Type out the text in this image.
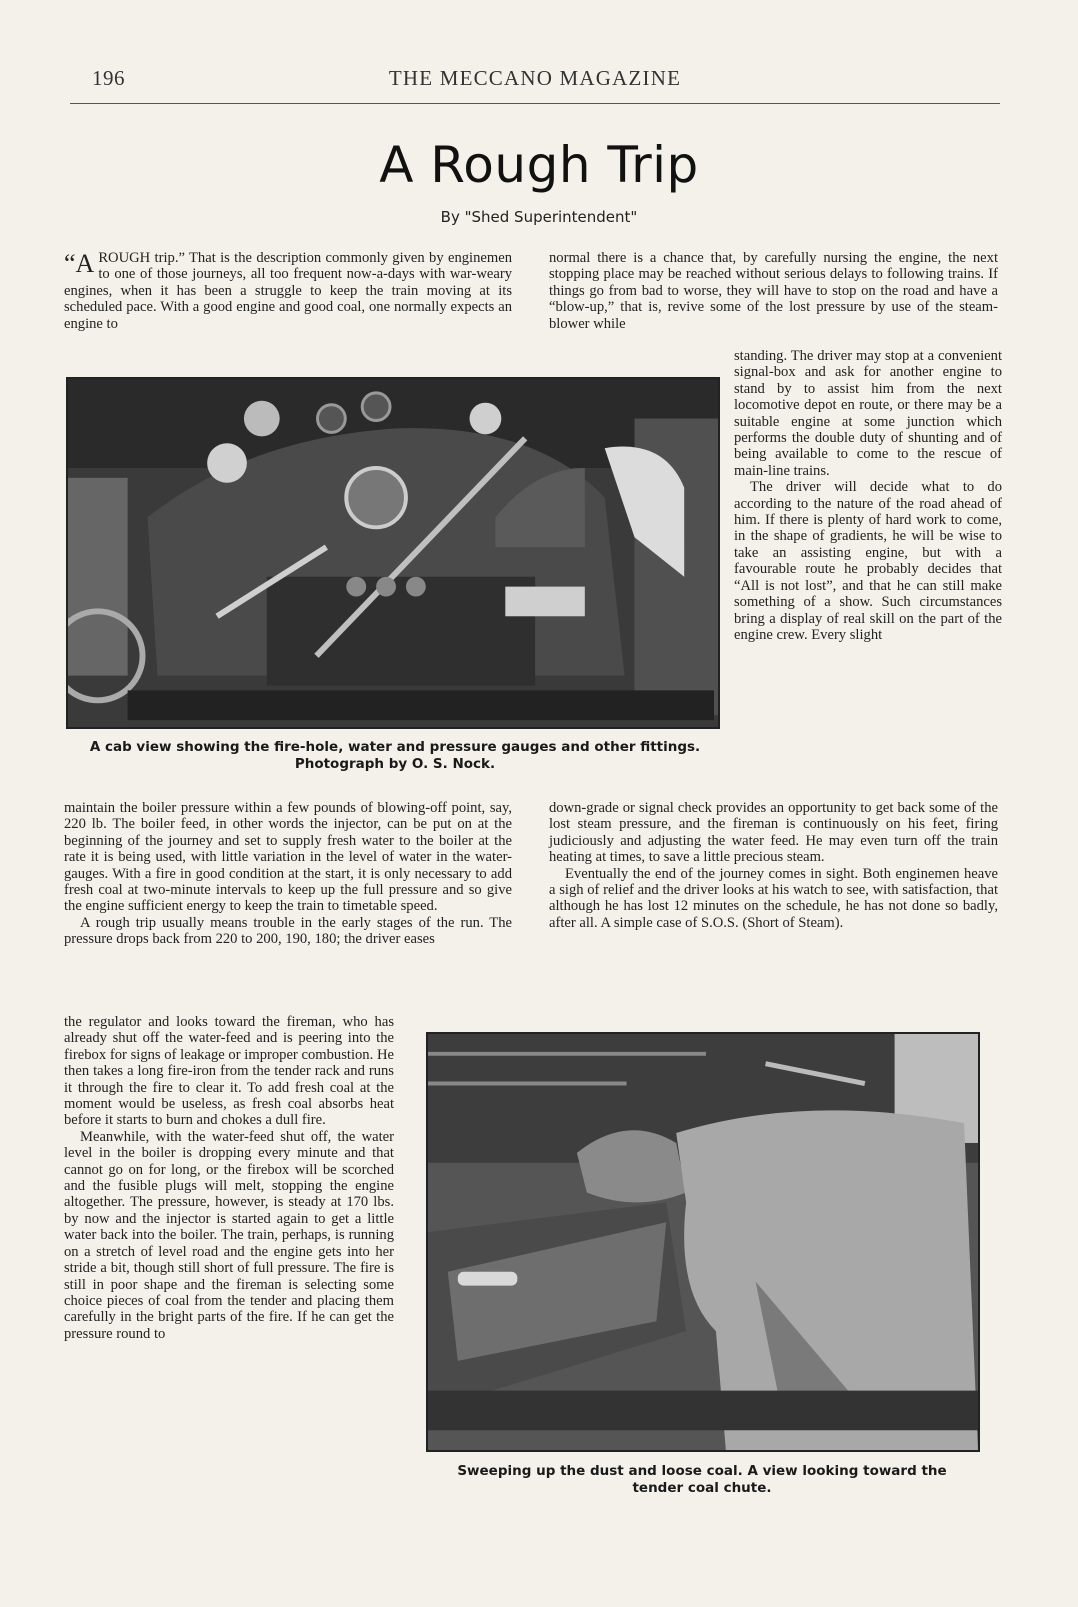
196	THE MECCANO MAGAZINE
A Rough Trip
By "Shed Superintendent"

“AROUGH trip.” That is the description commonly given by enginemen to one of those journeys, all too frequent now-a-days with war-weary engines, when it has been a struggle to keep the train moving at its scheduled pace. With a good engine and good coal, one normally expects an engine to

normal there is a chance that, by carefully nursing the engine, the next stopping place may be reached without serious delays to following trains. If things go from bad to worse, they will have to stop on the road and have a “blow-up,” that is, revive some of the lost pressure by use of the steam-blower while

A cab view showing the fire-hole, water and pressure gauges and other fittings.
Photograph by O. S. Nock.

standing. The driver may stop at a convenient signal-box and ask for another engine to stand by to assist him from the next locomotive depot en route, or there may be a suitable engine at some junction which performs the double duty of shunting and of being available to come to the rescue of main-line trains.

The driver will decide what to do according to the nature of the road ahead of him. If there is plenty of hard work to come, in the shape of gradients, he will be wise to take an assisting engine, but with a favourable route he probably decides that “All is not lost”, and that he can still make something of a show. Such circumstances bring a display of real skill on the part of the engine crew. Every slight

maintain the boiler pressure within a few pounds of blowing-off point, say, 220 lb. The boiler feed, in other words the injector, can be put on at the beginning of the journey and set to supply fresh water to the boiler at the rate it is being used, with little variation in the level of water in the water-gauges. With a fire in good condition at the start, it is only necessary to add fresh coal at two-minute intervals to keep up the full pressure and so give the engine sufficient energy to keep the train to timetable speed.

A rough trip usually means trouble in the early stages of the run. The pressure drops back from 220 to 200, 190, 180; the driver eases

down-grade or signal check provides an opportunity to get back some of the lost steam pressure, and the fireman is continuously on his feet, firing judiciously and adjusting the water feed. He may even turn off the train heating at times, to save a little precious steam.

Eventually the end of the journey comes in sight. Both enginemen heave a sigh of relief and the driver looks at his watch to see, with satisfaction, that although he has lost 12 minutes on the schedule, he has not done so badly, after all. A simple case of S.O.S. (Short of Steam).

the regulator and looks toward the fireman, who has already shut off the water-feed and is peering into the firebox for signs of leakage or improper combustion. He then takes a long fire-iron from the tender rack and runs it through the fire to clear it. To add fresh coal at the moment would be useless, as fresh coal absorbs heat before it starts to burn and chokes a dull fire.

Meanwhile, with the water-feed shut off, the water level in the boiler is dropping every minute and that cannot go on for long, or the firebox will be scorched and the fusible plugs will melt, stopping the engine altogether. The pressure, however, is steady at 170 lbs. by now and the injector is started again to get a little water back into the boiler. The train, perhaps, is running on a stretch of level road and the engine gets into her stride a bit, though still short of full pressure. The fire is still in poor shape and the fireman is selecting some choice pieces of coal from the tender and placing them carefully in the bright parts of the fire. If he can get the pressure round to

Sweeping up the dust and loose coal. A view looking toward the
tender coal chute.
